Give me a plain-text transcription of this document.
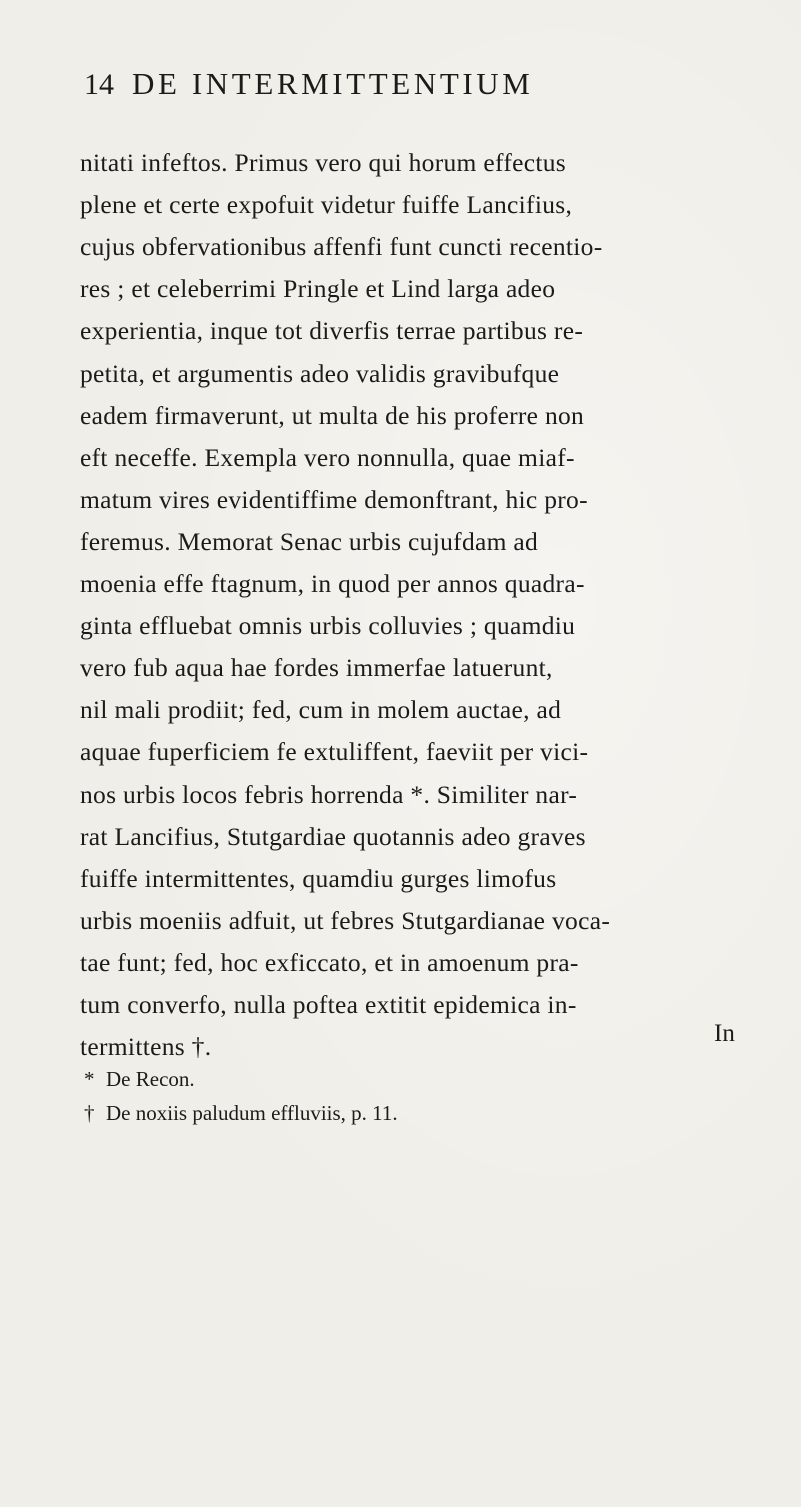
14 DE INTERMITTENTIUM
nitati infeftos. Primus vero qui horum effectus
plene et certe expofuit videtur fuiffe Lancifius,
cujus obfervationibus affenfi funt cuncti recentio-
res ; et celeberrimi Pringle et Lind larga adeo
experientia, inque tot diverfis terrae partibus re-
petita, et argumentis adeo validis gravibufque
eadem firmaverunt, ut multa de his proferre non
eft neceffe. Exempla vero nonnulla, quae miaf-
matum vires evidentiffime demonftrant, hic pro-
feremus. Memorat Senac urbis cujufdam ad
moenia effe ftagnum, in quod per annos quadra-
ginta effluebat omnis urbis colluvies ; quamdiu
vero fub aqua hae fordes immerfae latuerunt,
nil mali prodiit; fed, cum in molem auctae, ad
aquae fuperficiem fe extuliffent, faeviit per vici-
nos urbis locos febris horrenda *. Similiter nar-
rat Lancifius, Stutgardiae quotannis adeo graves
fuiffe intermittentes, quamdiu gurges limofus
urbis moeniis adfuit, ut febres Stutgardianae voca-
tae funt; fed, hoc exficcato, et in amoenum pra-
tum converfo, nulla poftea extitit epidemica in-
termittens †.	In
* De Recon.
† De noxiis paludum effluviis, p. 11.
